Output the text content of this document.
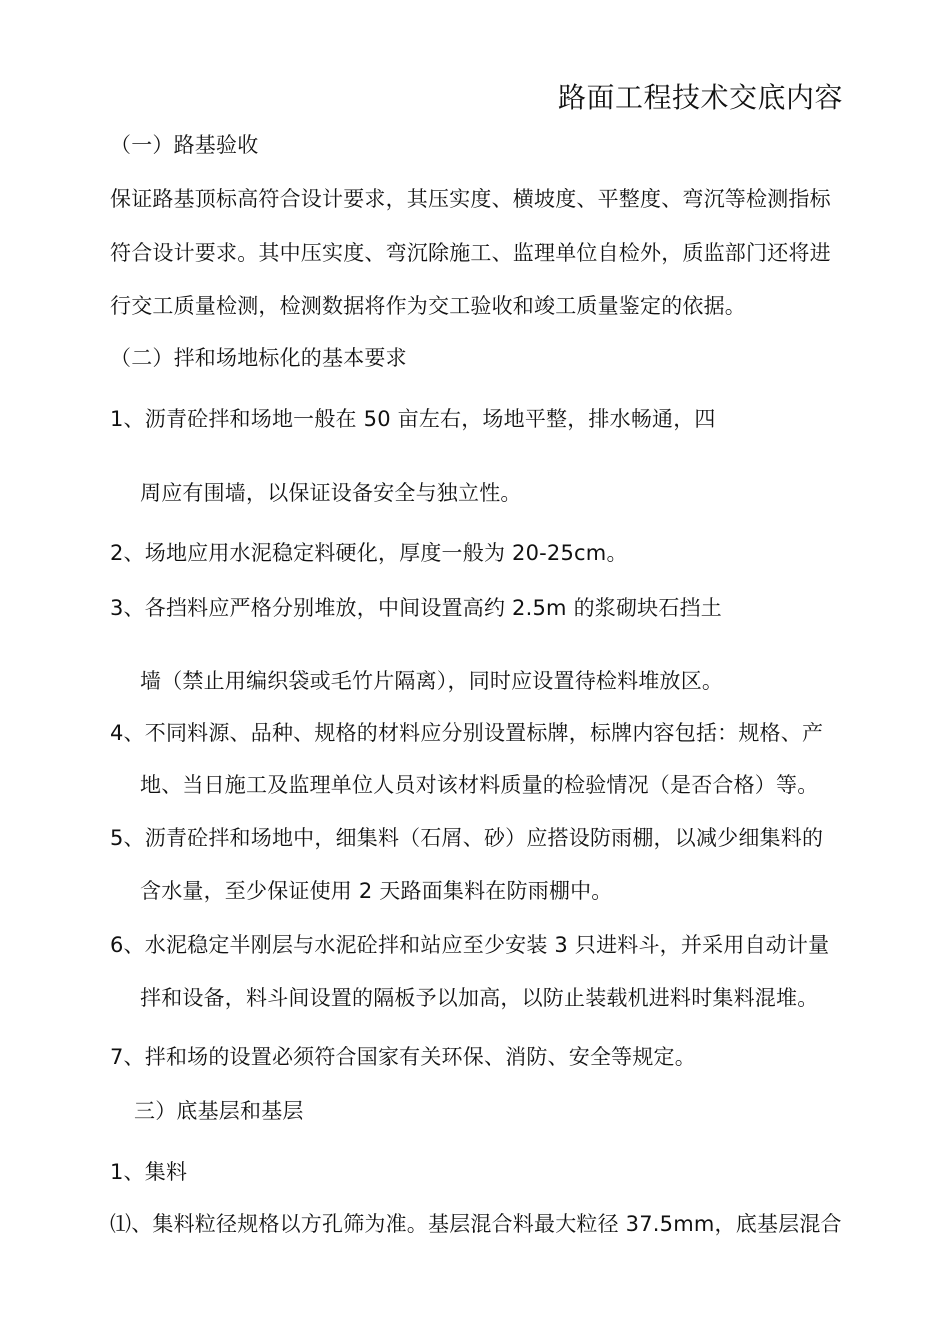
路面工程技术交底内容
（一）路基验收
保证路基顶标高符合设计要求，其压实度、横坡度、平整度、弯沉等检测指标
符合设计要求。其中压实度、弯沉除施工、监理单位自检外，质监部门还将进
行交工质量检测，检测数据将作为交工验收和竣工质量鉴定的依据。
（二）拌和场地标化的基本要求
1、沥青砼拌和场地一般在 50 亩左右，场地平整，排水畅通，四
周应有围墙，以保证设备安全与独立性。
2、场地应用水泥稳定料硬化，厚度一般为 20-25cm。
3、各挡料应严格分别堆放，中间设置高约 2.5m 的浆砌块石挡土
墙（禁止用编织袋或毛竹片隔离），同时应设置待检料堆放区。
4、不同料源、品种、规格的材料应分别设置标牌，标牌内容包括：规格、产
地、当日施工及监理单位人员对该材料质量的检验情况（是否合格）等。
5、沥青砼拌和场地中，细集料（石屑、砂）应搭设防雨棚，以减少细集料的
含水量，至少保证使用 2 天路面集料在防雨棚中。
6、水泥稳定半刚层与水泥砼拌和站应至少安装 3 只进料斗，并采用自动计量
拌和设备，料斗间设置的隔板予以加高，以防止装载机进料时集料混堆。
7、拌和场的设置必须符合国家有关环保、消防、安全等规定。
三）底基层和基层
1、集料
⑴、集料粒径规格以方孔筛为准。基层混合料最大粒径 37.5mm，底基层混合
